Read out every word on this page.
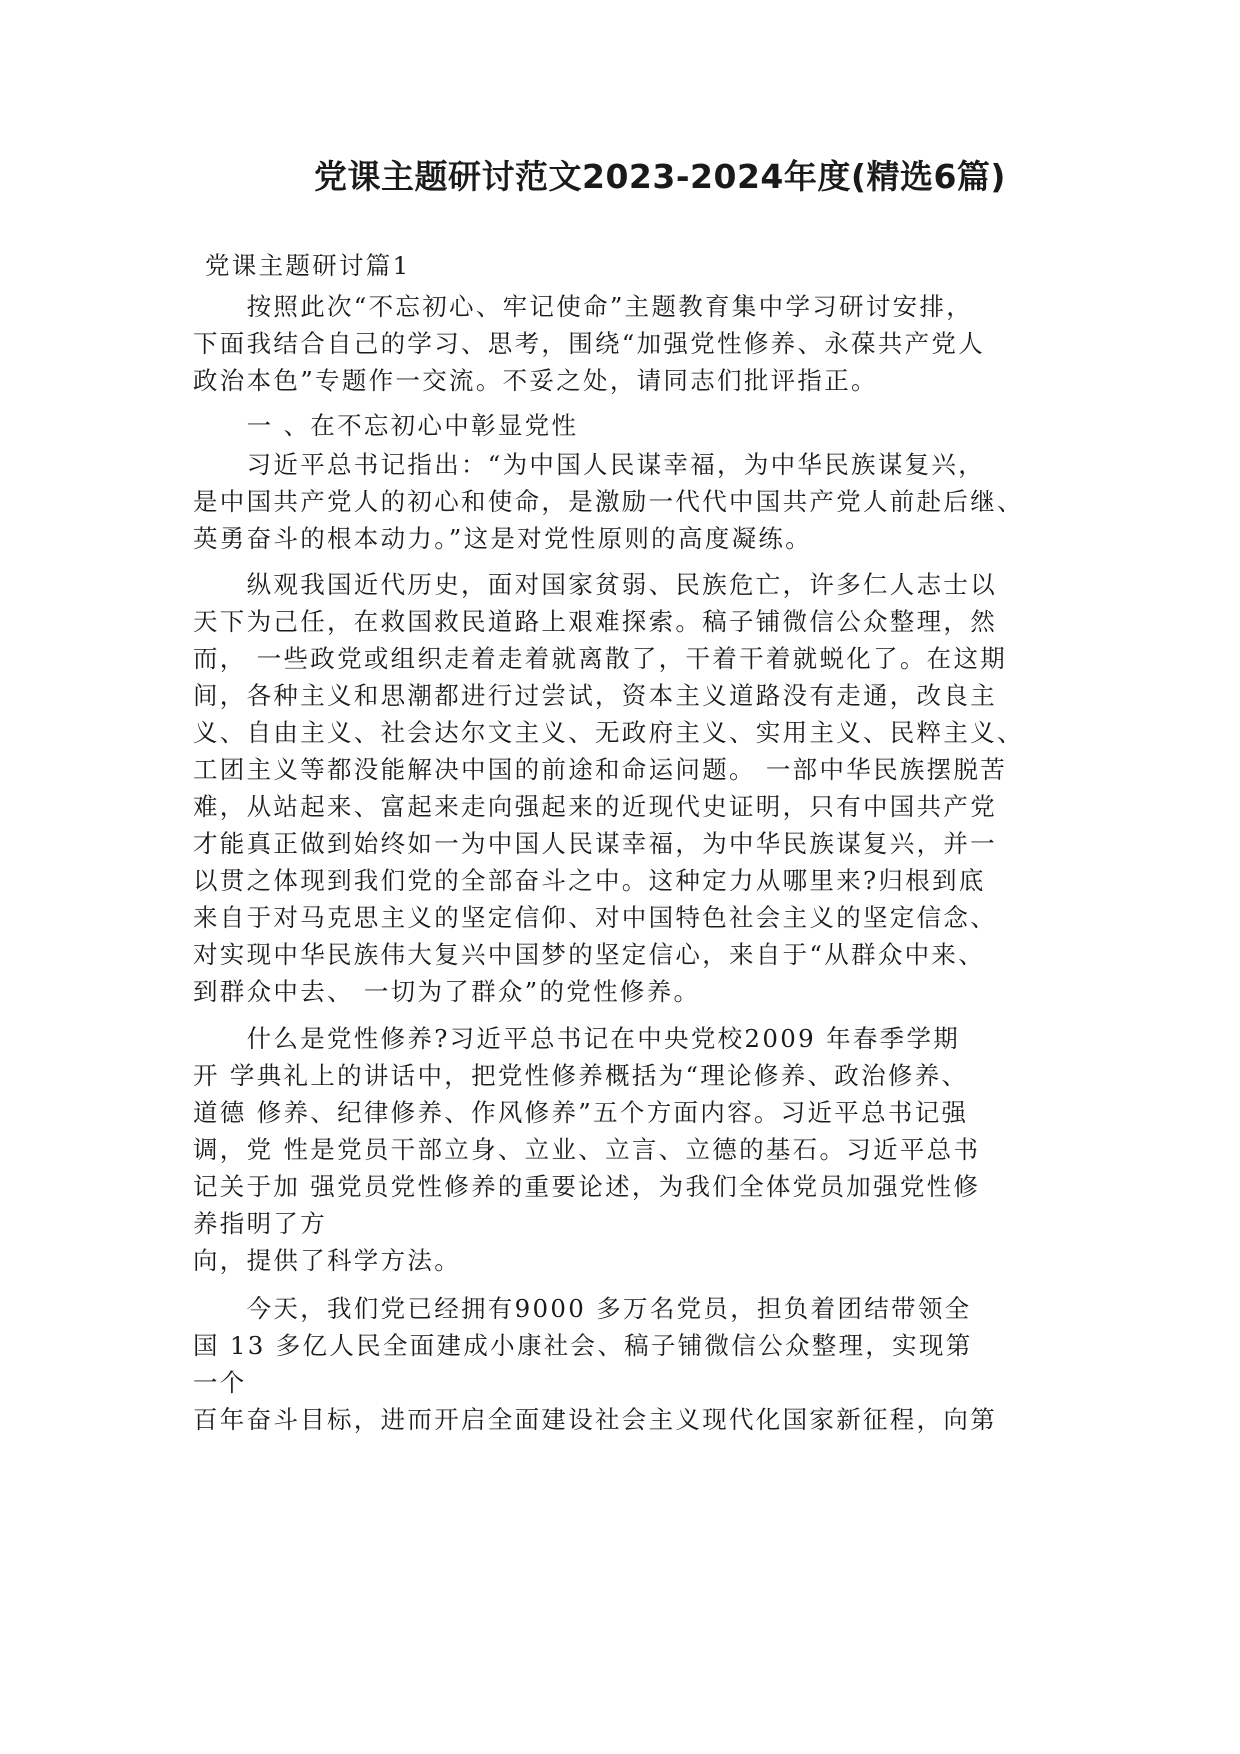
党课主题研讨范文2023-2024年度(精选6篇)
党课主题研讨篇1
　　按照此次“不忘初心、牢记使命”主题教育集中学习研讨安排，
下面我结合自己的学习、思考，围绕“加强党性修养、永葆共产党人
政治本色”专题作一交流。不妥之处，请同志们批评指正。
　　一 、在不忘初心中彰显党性
　　习近平总书记指出：“为中国人民谋幸福，为中华民族谋复兴，
是中国共产党人的初心和使命，是激励一代代中国共产党人前赴后继、
英勇奋斗的根本动力。”这是对党性原则的高度凝练。
　　纵观我国近代历史，面对国家贫弱、民族危亡，许多仁人志士以
天下为己任，在救国救民道路上艰难探索。稿子铺微信公众整理，然
而， 一些政党或组织走着走着就离散了，干着干着就蜕化了。在这期
间，各种主义和思潮都进行过尝试，资本主义道路没有走通，改良主
义、自由主义、社会达尔文主义、无政府主义、实用主义、民粹主义、
工团主义等都没能解决中国的前途和命运问题。 一部中华民族摆脱苦
难，从站起来、富起来走向强起来的近现代史证明，只有中国共产党
才能真正做到始终如一为中国人民谋幸福，为中华民族谋复兴，并一
以贯之体现到我们党的全部奋斗之中。这种定力从哪里来?归根到底
来自于对马克思主义的坚定信仰、对中国特色社会主义的坚定信念、
对实现中华民族伟大复兴中国梦的坚定信心，来自于“从群众中来、
到群众中去、 一切为了群众”的党性修养。
　　什么是党性修养?习近平总书记在中央党校2009 年春季学期
开 学典礼上的讲话中，把党性修养概括为“理论修养、政治修养、
道德 修养、纪律修养、作风修养”五个方面内容。习近平总书记强
调，党 性是党员干部立身、立业、立言、立德的基石。习近平总书
记关于加 强党员党性修养的重要论述，为我们全体党员加强党性修
养指明了方
向，提供了科学方法。
　　今天，我们党已经拥有9000 多万名党员，担负着团结带领全
国 13 多亿人民全面建成小康社会、稿子铺微信公众整理，实现第
一个
百年奋斗目标，进而开启全面建设社会主义现代化国家新征程，向第
